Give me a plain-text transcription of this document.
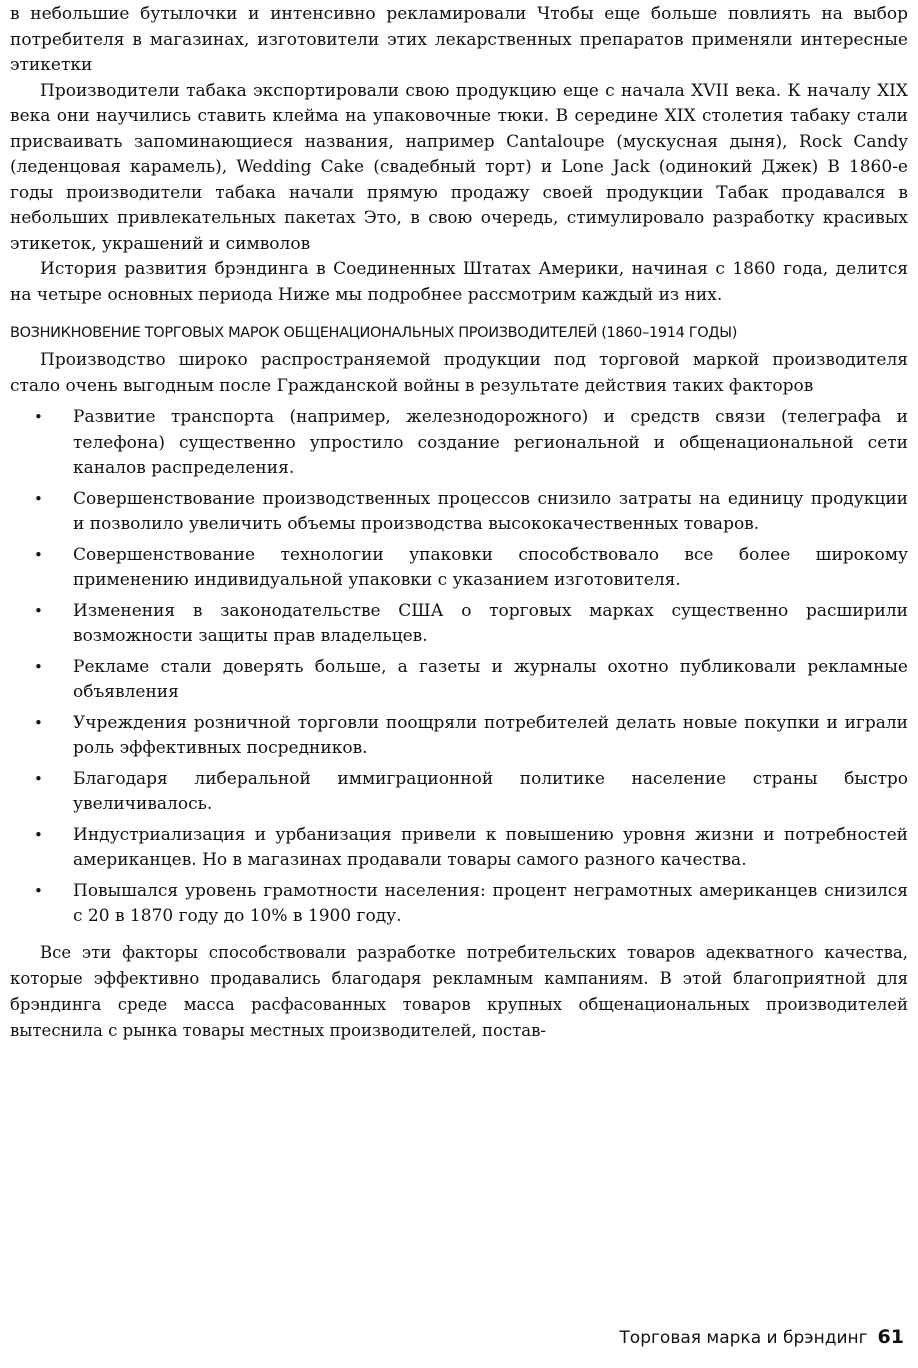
в небольшие бутылочки и интенсивно рекламировали Чтобы еще больше повлиять на выбор потребителя в магазинах, изготовители этих лекарственных препаратов применяли интересные этикетки

Производители табака экспортировали свою продукцию еще с начала XVII века. К началу XIX века они научились ставить клейма на упаковочные тюки. В середине XIX столетия табаку стали присваивать запоминающиеся названия, например Cantaloupe (мускусная дыня), Rock Candy (леденцовая карамель), Wedding Cake (свадебный торт) и Lone Jack (одинокий Джек) В 1860-е годы производители табака начали прямую продажу своей продукции Табак продавался в небольших привлекательных пакетах Это, в свою очередь, стимулировало разработку красивых этикеток, украшений и символов

История развития брэндинга в Соединенных Штатах Америки, начиная с 1860 года, делится на четыре основных периода Ниже мы подробнее рассмотрим каждый из них.

ВОЗНИКНОВЕНИЕ ТОРГОВЫХ МАРОК ОБЩЕНАЦИОНАЛЬНЫХ ПРОИЗВОДИТЕЛЕЙ (1860–1914 ГОДЫ)

Производство широко распространяемой продукции под торговой маркой производителя стало очень выгодным после Гражданской войны в результате действия таких факторов

• Развитие транспорта (например, железнодорожного) и средств связи (телеграфа и телефона) существенно упростило создание региональной и общенациональной сети каналов распределения.
• Совершенствование производственных процессов снизило затраты на единицу продукции и позволило увеличить объемы производства высококачественных товаров.
• Совершенствование технологии упаковки способствовало все более широкому применению индивидуальной упаковки с указанием изготовителя.
• Изменения в законодательстве США о торговых марках существенно расширили возможности защиты прав владельцев.
• Рекламе стали доверять больше, а газеты и журналы охотно публиковали рекламные объявления
• Учреждения розничной торговли поощряли потребителей делать новые покупки и играли роль эффективных посредников.
• Благодаря либеральной иммиграционной политике население страны быстро увеличивалось.
• Индустриализация и урбанизация привели к повышению уровня жизни и потребностей американцев. Но в магазинах продавали товары самого разного качества.
• Повышался уровень грамотности населения: процент неграмотных американцев снизился с 20 в 1870 году до 10% в 1900 году.

Все эти факторы способствовали разработке потребительских товаров адекватного качества, которые эффективно продавались благодаря рекламным кампаниям. В этой благоприятной для брэндинга среде масса расфасованных товаров крупных общенациональных производителей вытеснила с рынка товары местных производителей, постав-

Торговая марка и брэндинг 61
